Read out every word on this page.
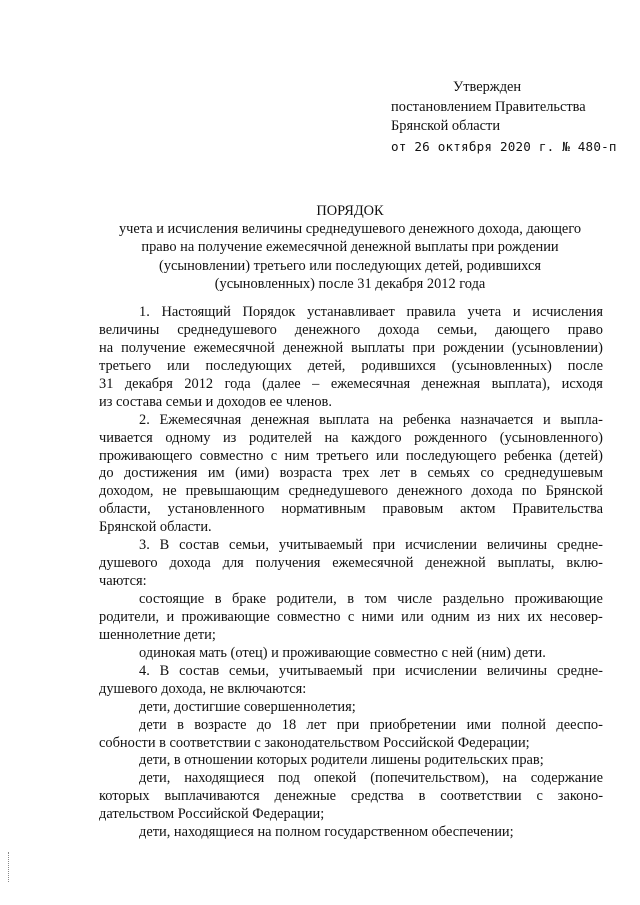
Утвержден
постановлением Правительства
Брянской области
от 26 октября 2020 г. № 480-п
ПОРЯДОК
учета и исчисления величины среднедушевого денежного дохода, дающего
право на получение ежемесячной денежной выплаты при рождении
(усыновлении) третьего или последующих детей, родившихся
(усыновленных) после 31 декабря 2012 года
1. Настоящий Порядок устанавливает правила учета и исчисления
величины среднедушевого денежного дохода семьи, дающего право
на получение ежемесячной денежной выплаты при рождении (усыновлении)
третьего или последующих детей, родившихся (усыновленных) после
31 декабря 2012 года (далее – ежемесячная денежная выплата), исходя
из состава семьи и доходов ее членов.
2. Ежемесячная денежная выплата на ребенка назначается и выпла-
чивается одному из родителей на каждого рожденного (усыновленного)
проживающего совместно с ним третьего или последующего ребенка (детей)
до достижения им (ими) возраста трех лет в семьях со среднедушевым
доходом, не превышающим среднедушевого денежного дохода по Брянской
области, установленного нормативным правовым актом Правительства
Брянской области.
3. В состав семьи, учитываемый при исчислении величины средне-
душевого дохода для получения ежемесячной денежной выплаты, вклю-
чаются:
состоящие в браке родители, в том числе раздельно проживающие
родители, и проживающие совместно с ними или одним из них их несовер-
шеннолетние дети;
одинокая мать (отец) и проживающие совместно с ней (ним) дети.
4. В состав семьи, учитываемый при исчислении величины средне-
душевого дохода, не включаются:
дети, достигшие совершеннолетия;
дети в возрасте до 18 лет при приобретении ими полной дееспо-
собности в соответствии с законодательством Российской Федерации;
дети, в отношении которых родители лишены родительских прав;
дети, находящиеся под опекой (попечительством), на содержание
которых выплачиваются денежные средства в соответствии с законо-
дательством Российской Федерации;
дети, находящиеся на полном государственном обеспечении;
